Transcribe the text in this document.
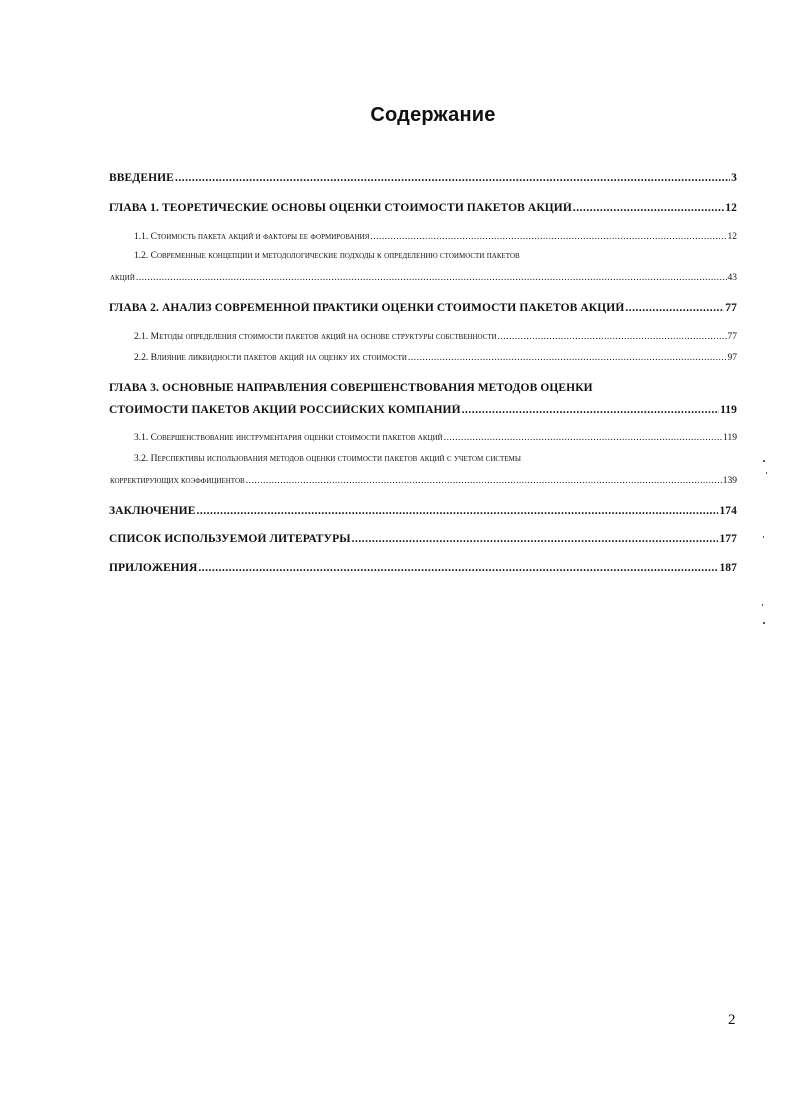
Содержание
ВВЕДЕНИЕ .....	3
ГЛАВА 1. ТЕОРЕТИЧЕСКИЕ ОСНОВЫ ОЦЕНКИ СТОИМОСТИ ПАКЕТОВ АКЦИЙ .....	12
1.1. Стоимость пакета акций и факторы ее формирования .....	12
1.2. Современные концепции и методологические подходы к определению стоимости пакетов
акций .....	43
ГЛАВА 2. АНАЛИЗ СОВРЕМЕННОЙ ПРАКТИКИ ОЦЕНКИ СТОИМОСТИ ПАКЕТОВ АКЦИЙ .....	77
2.1. Методы определения стоимости пакетов акций на основе структуры собственности .....	77
2.2. Влияние ликвидности пакетов акций на оценку их стоимости .....	97
ГЛАВА 3. ОСНОВНЫЕ НАПРАВЛЕНИЯ СОВЕРШЕНСТВОВАНИЯ МЕТОДОВ ОЦЕНКИ
СТОИМОСТИ ПАКЕТОВ АКЦИЙ РОССИЙСКИХ КОМПАНИЙ .....	119
3.1. Совершенствование инструментария оценки стоимости пакетов акций .....	119
3.2. Перспективы использования методов оценки стоимости пакетов акций с учетом системы
корректирующих коэффициентов .....	139
ЗАКЛЮЧЕНИЕ .....	174
СПИСОК ИСПОЛЬЗУЕМОЙ ЛИТЕРАТУРЫ .....	177
ПРИЛОЖЕНИЯ .....	187
2
